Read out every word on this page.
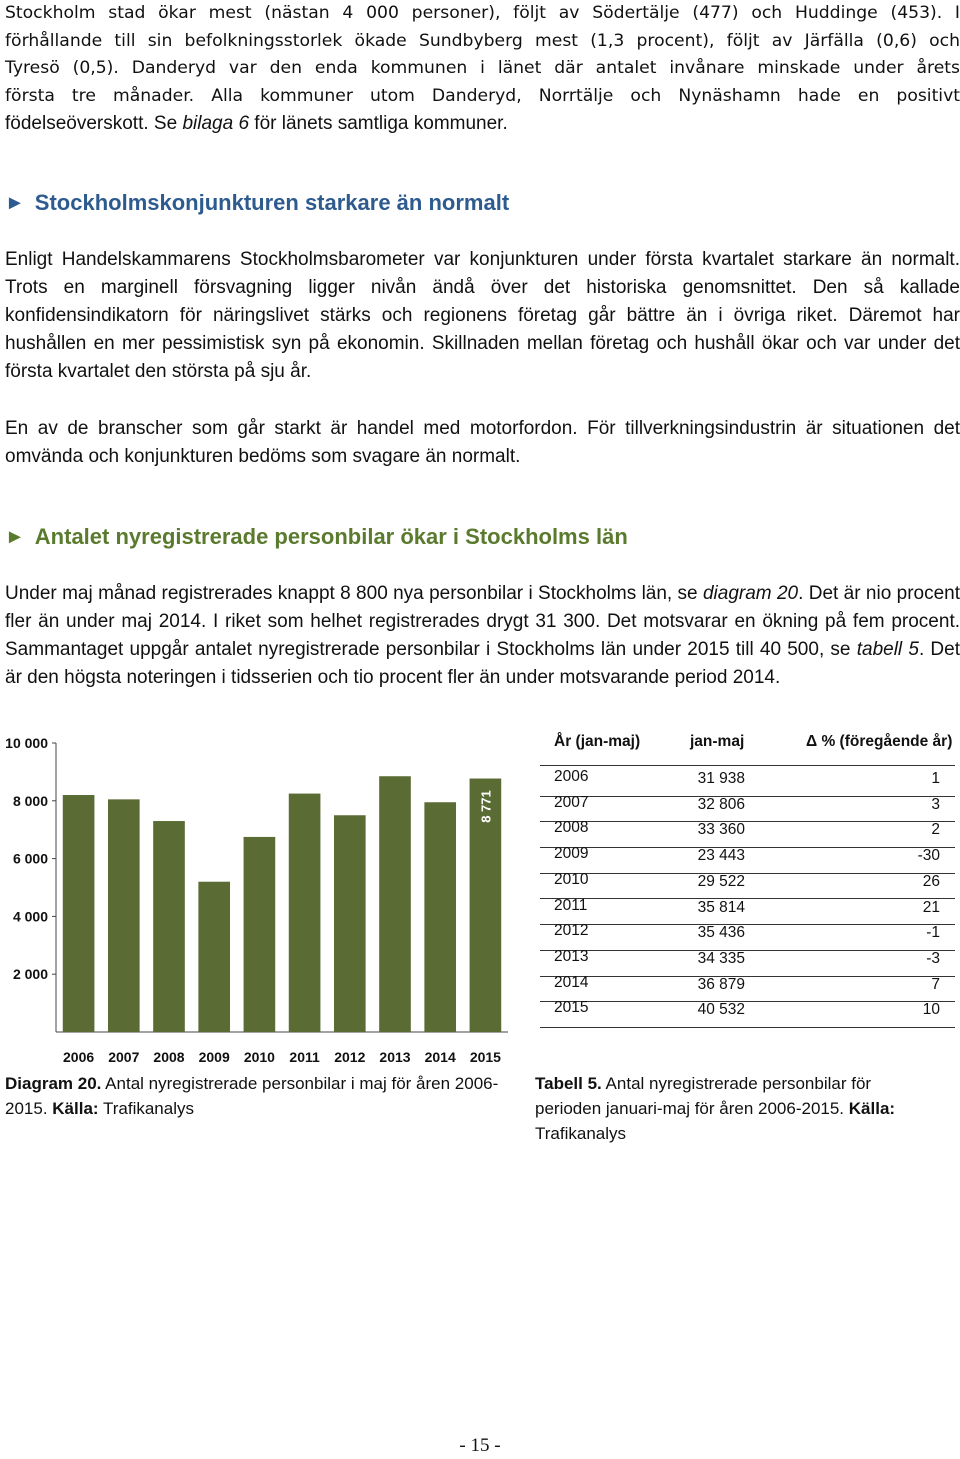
Stockholm stad ökar mest (nästan 4 000 personer), följt av Södertälje (477) och Huddinge (453). I
förhållande till sin befolkningsstorlek ökade Sundbyberg mest (1,3 procent), följt av Järfälla (0,6) och
Tyresö (0,5). Danderyd var den enda kommunen i länet där antalet invånare minskade under årets
första tre månader. Alla kommuner utom Danderyd, Norrtälje och Nynäshamn hade en positivt
födelseöverskott. Se bilaga 6 för länets samtliga kommuner.
► Stockholmskonjunkturen starkare än normalt

Enligt Handelskammarens Stockholmsbarometer var konjunkturen under första kvartalet starkare än normalt. Trots en marginell försvagning ligger nivån ändå över det historiska genomsnittet. Den så kallade konfidensindikatorn för näringslivet stärks och regionens företag går bättre än i övriga riket. Däremot har hushållen en mer pessimistisk syn på ekonomin. Skillnaden mellan företag och hushåll ökar och var under det första kvartalet den största på sju år.

En av de branscher som går starkt är handel med motorfordon. För tillverkningsindustrin är situationen det omvända och konjunkturen bedöms som svagare än normalt.

► Antalet nyregistrerade personbilar ökar i Stockholms län

Under maj månad registrerades knappt 8 800 nya personbilar i Stockholms län, se diagram 20. Det är nio procent fler än under maj 2014. I riket som helhet registrerades drygt 31 300. Det motsvarar en ökning på fem procent. Sammantaget uppgår antalet nyregistrerade personbilar i Stockholms län under 2015 till 40 500, se tabell 5. Det är den högsta noteringen i tidsserien och tio procent fler än under motsvarande period 2014.

2 000
4 000
6 000
8 000
10 000
2006 2007 2008 2009 2010 2011 2012 2013 2014 2015
8 771
År (jan-maj)	jan-maj	Δ % (föregående år)
2006	31 938	1
2007	32 806	3
2008	33 360	2
2009	23 443	-30
2010	29 522	26
2011	35 814	21
2012	35 436	-1
2013	34 335	-3
2014	36 879	7
2015	40 532	10

Diagram 20. Antal nyregistrerade personbilar i maj för åren 2006-2015. Källa: Trafikanalys

Tabell 5. Antal nyregistrerade personbilar för perioden januari-maj för åren 2006-2015. Källa: Trafikanalys

- 15 -
